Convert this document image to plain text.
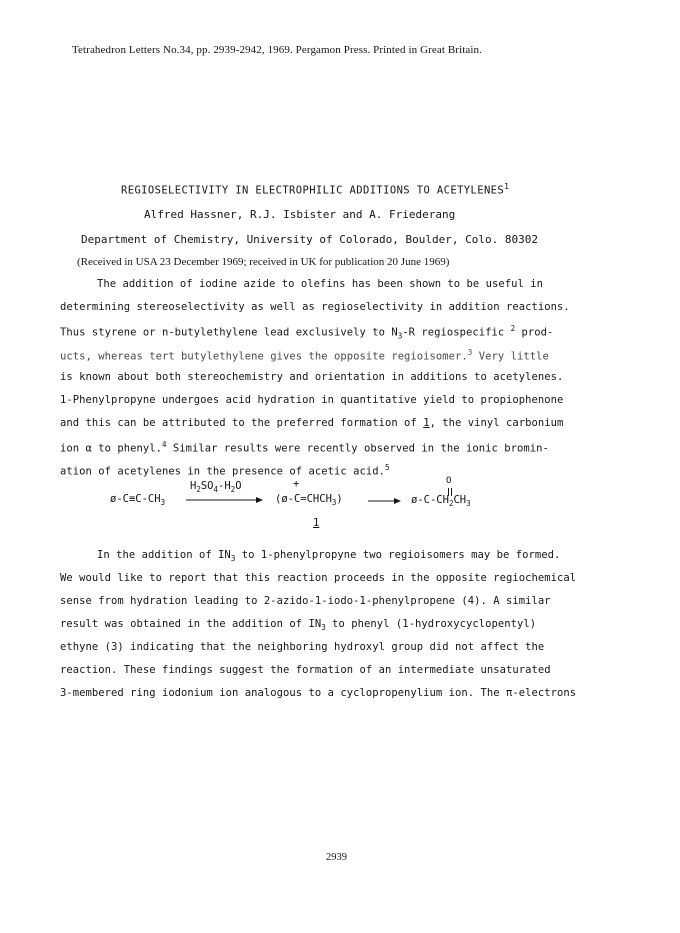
Tetrahedron Letters No.34, pp. 2939-2942, 1969. Pergamon Press. Printed in Great Britain.
REGIOSELECTIVITY IN ELECTROPHILIC ADDITIONS TO ACETYLENES$^1$
Alfred Hassner, R.J. Isbister and A. Friederang
Department of Chemistry, University of Colorado, Boulder, Colo. 80302
(Received in USA 23 December 1969; received in UK for publication 20 June 1969)
The addition of iodine azide to olefins has been shown to be useful in
determining stereoselectivity as well as regioselectivity in addition reactions.
Thus styrene or n-butylethylene lead exclusively to $N_3-R$ regiospecific $^2$ prod-
ucts, whereas tert butylethylene gives the opposite regioisomer.$^3$ Very little
is known about both stereochemistry and orientation in additions to acetylenes.
1-Phenylpropyne undergoes acid hydration in quantitative yield to propiophenone
and this can be attributed to the preferred formation of 1, the vinyl carbonium
ion α to phenyl.$^4$ Similar results were recently observed in the ionic bromin-
ation of acetylenes in the presence of acetic acid.$^5$
$ø-C\equiv C-CH_3$
$H_2SO_4-H_2O$	+
$(ø-C=CHCH_3)$
1
O
$ø-C-CH_2CH_3$
In the addition of $IN_3$ to 1-phenylpropyne two regioisomers may be formed.
We would like to report that this reaction proceeds in the opposite regiochemical
sense from hydration leading to 2-azido-1-iodo-1-phenylpropene (4). A similar
result was obtained in the addition of $IN_3$ to phenyl (1-hydroxycyclopentyl)
ethyne (3) indicating that the neighboring hydroxyl group did not affect the
reaction. These findings suggest the formation of an intermediate unsaturated
3-membered ring iodonium ion analogous to a cyclopropenylium ion. The π-electrons
2939
